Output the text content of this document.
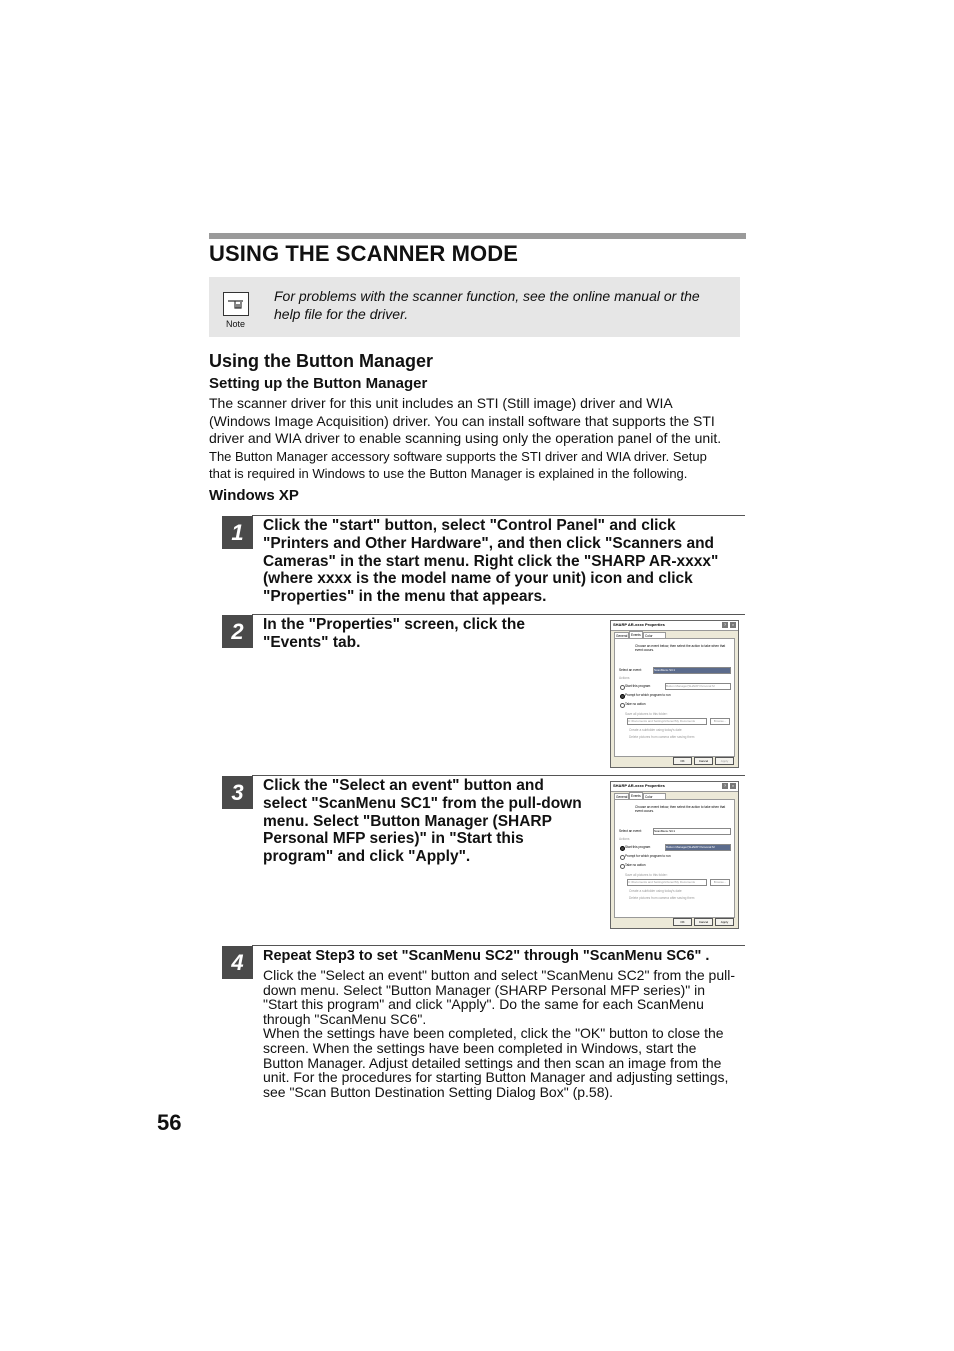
USING THE SCANNER MODE
Note
For problems with the scanner function, see the online manual or the help file for the driver.
Using the Button Manager
Setting up the Button Manager
The scanner driver for this unit includes an STI (Still image) driver and WIA
(Windows Image Acquisition) driver. You can install software that supports the STI
driver and WIA driver to enable scanning using only the operation panel of the unit.
The Button Manager accessory software supports the STI driver and WIA driver. Setup
that is required in Windows to use the Button Manager is explained in the following.
Windows XP
1	Click the "start" button, select "Control Panel" and click
"Printers and Other Hardware", and then click "Scanners and
Cameras" in the start menu. Right click the "SHARP AR-xxxx"
(where xxxx is the model name of your unit) icon and click
"Properties" in the menu that appears.
2	In the "Properties" screen, click the
"Events" tab.
SHARP AR-xxxx Properties	?	×
General	Events	Color
Choose an event below, then select the action to take when that event occurs.
Select an event:	ScanMenu SC1
Actions
Start this program	Button Manager(SHARP Personal M
Prompt for which program to run
Take no action
Save all pictures to this folder:
C:\Documents and Settings\Owner\My Documents	Browse...
Create a subfolder using today's date
Delete pictures from camera after saving them
OK	Cancel	Apply
3	Click the "Select an event" button and
select "ScanMenu SC1" from the pull-down
menu. Select "Button Manager (SHARP
Personal MFP series)" in "Start this
program" and click "Apply".
SHARP AR-xxxx Properties	?	×
General	Events	Color
Choose an event below, then select the action to take when that event occurs.
Select an event:	ScanMenu SC1
Actions
Start this program	Button Manager(SHARP Personal M
Prompt for which program to run
Take no action
Save all pictures to this folder:
C:\Documents and Settings\Owner\My Documents	Browse...
Create a subfolder using today's date
Delete pictures from camera after saving them
OK	Cancel	Apply
4	Repeat Step3 to set "ScanMenu SC2" through "ScanMenu SC6" .
Click the "Select an event" button and select "ScanMenu SC2" from the pull-
down menu. Select "Button Manager (SHARP Personal MFP series)" in
"Start this program" and click "Apply". Do the same for each ScanMenu
through "ScanMenu SC6".
When the settings have been completed, click the "OK" button to close the
screen. When the settings have been completed in Windows, start the
Button Manager. Adjust detailed settings and then scan an image from the
unit. For the procedures for starting Button Manager and adjusting settings,
see "Scan Button Destination Setting Dialog Box" (p.58).
56
